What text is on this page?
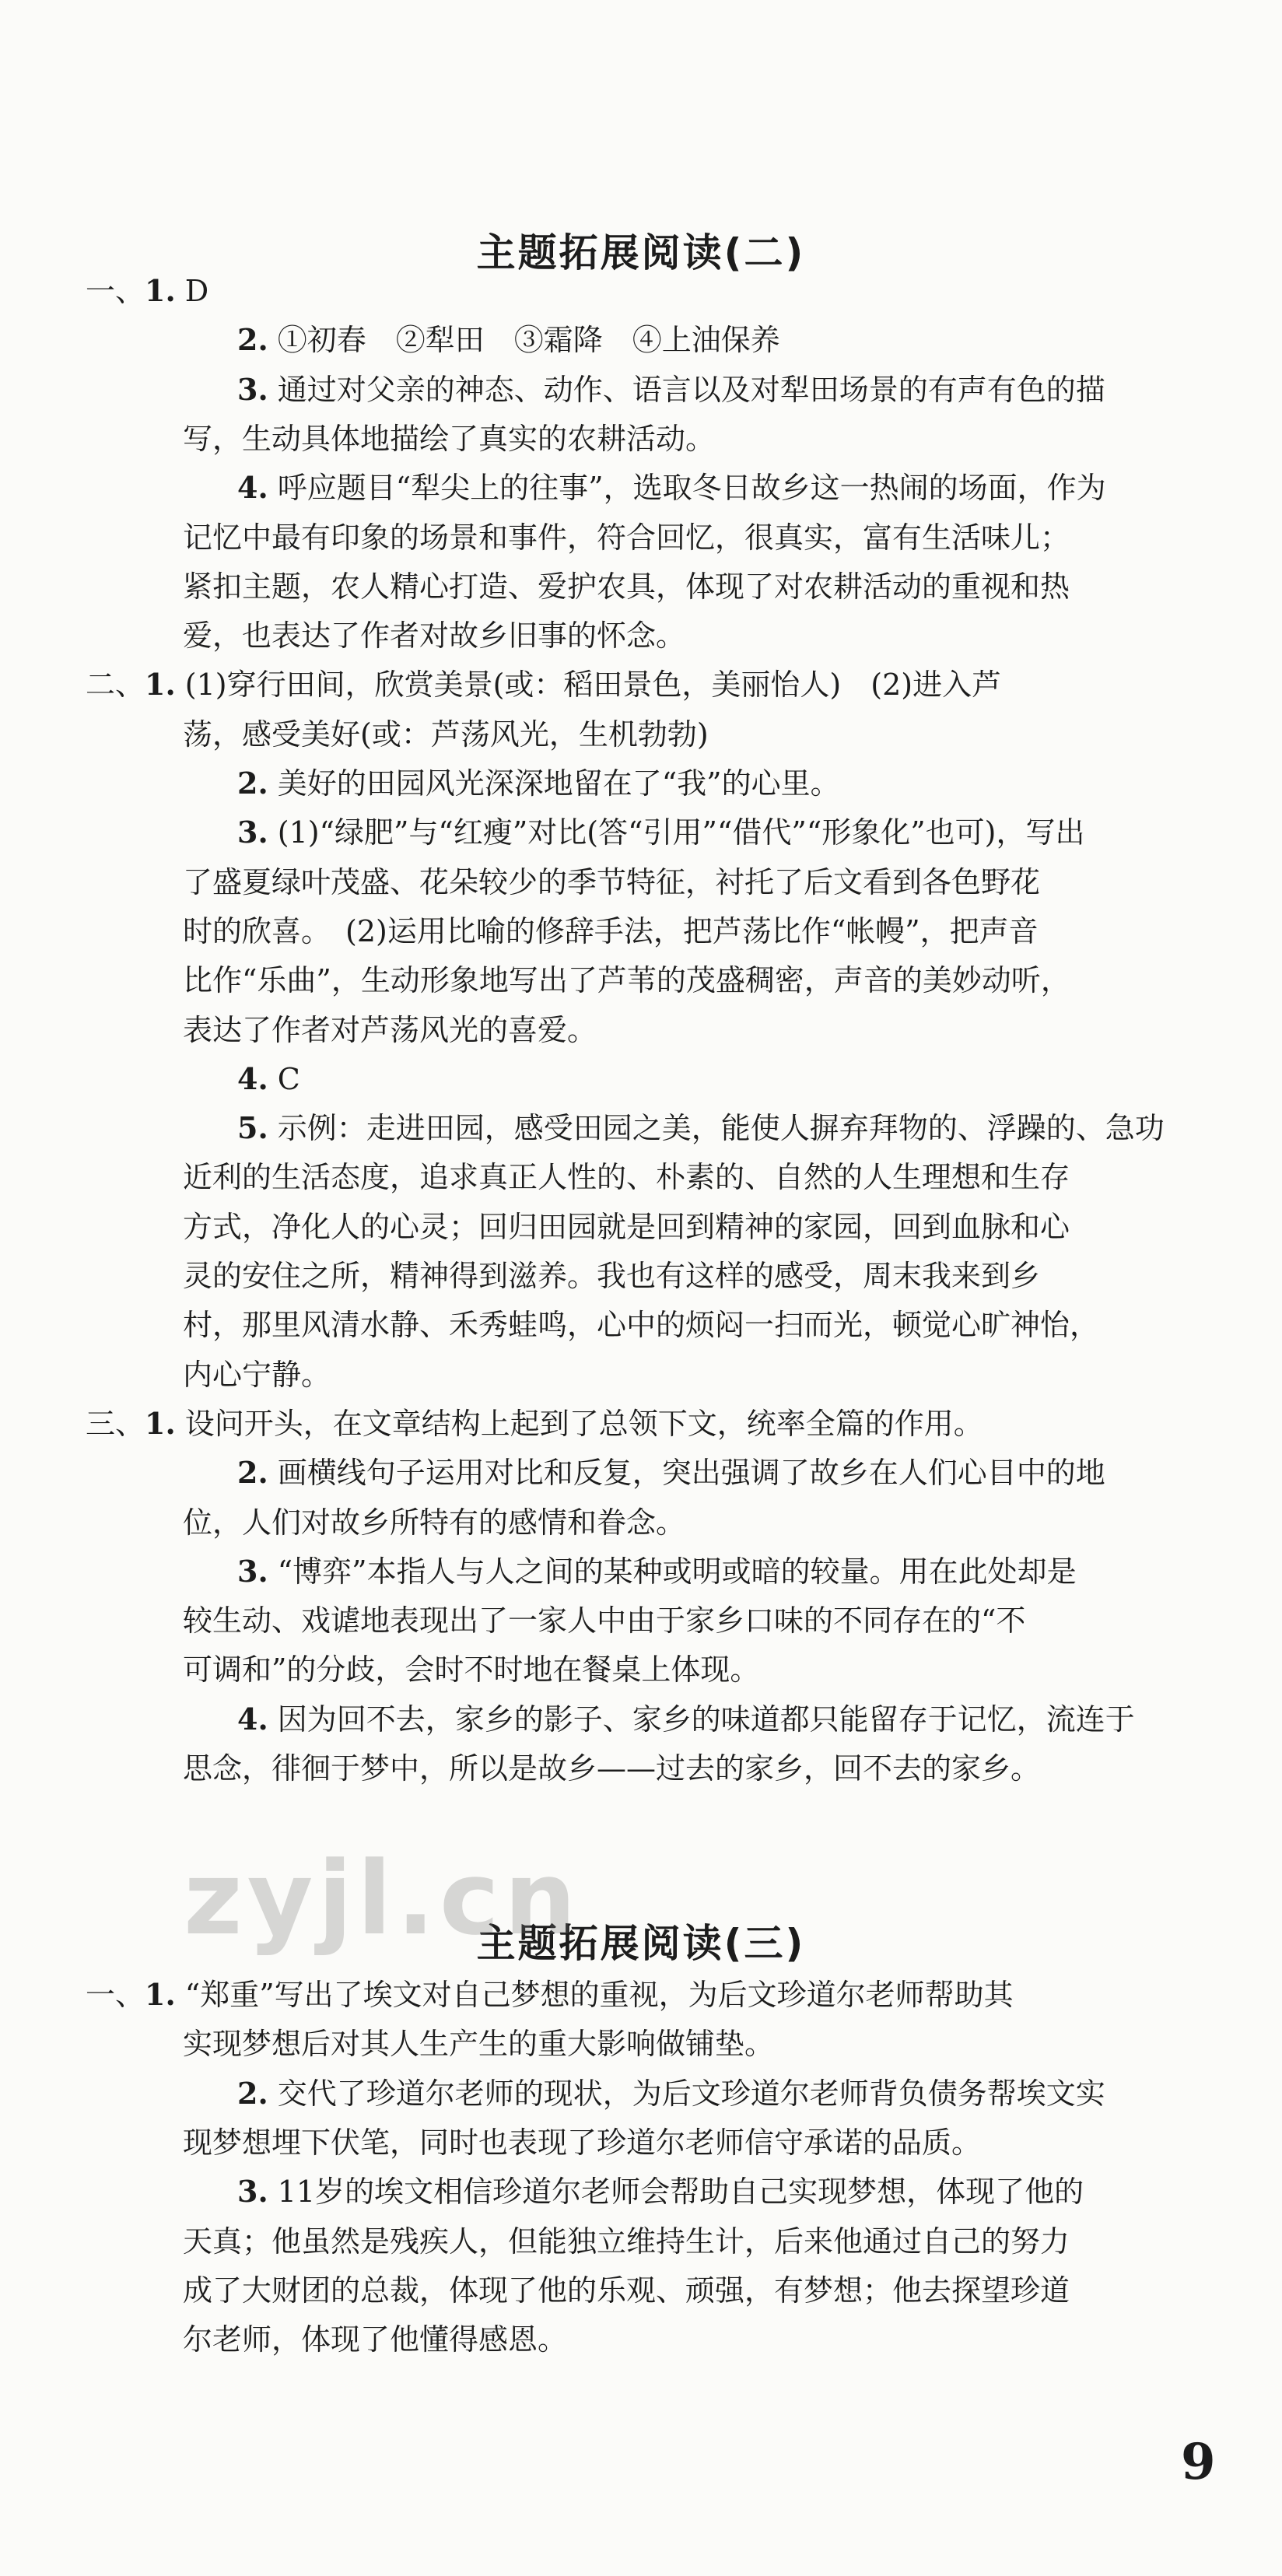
主题拓展阅读(二)
一、1. D
2. ①初春　②犁田　③霜降　④上油保养
3. 通过对父亲的神态、动作、语言以及对犁田场景的有声有色的描
写，生动具体地描绘了真实的农耕活动。
4. 呼应题目“犁尖上的往事”，选取冬日故乡这一热闹的场面，作为
记忆中最有印象的场景和事件，符合回忆，很真实，富有生活味儿；
紧扣主题，农人精心打造、爱护农具，体现了对农耕活动的重视和热
爱，也表达了作者对故乡旧事的怀念。
二、1. (1)穿行田间，欣赏美景(或：稻田景色，美丽怡人)　(2)进入芦
荡，感受美好(或：芦荡风光，生机勃勃)
2. 美好的田园风光深深地留在了“我”的心里。
3. (1)“绿肥”与“红瘦”对比(答“引用”“借代”“形象化”也可)，写出
了盛夏绿叶茂盛、花朵较少的季节特征，衬托了后文看到各色野花
时的欣喜。　(2)运用比喻的修辞手法，把芦荡比作“帐幔”，把声音
比作“乐曲”，生动形象地写出了芦苇的茂盛稠密，声音的美妙动听，
表达了作者对芦荡风光的喜爱。
4. C
5. 示例：走进田园，感受田园之美，能使人摒弃拜物的、浮躁的、急功
近利的生活态度，追求真正人性的、朴素的、自然的人生理想和生存
方式，净化人的心灵；回归田园就是回到精神的家园，回到血脉和心
灵的安住之所，精神得到滋养。我也有这样的感受，周末我来到乡
村，那里风清水静、禾秀蛙鸣，心中的烦闷一扫而光，顿觉心旷神怡，
内心宁静。
三、1. 设问开头，在文章结构上起到了总领下文，统率全篇的作用。
2. 画横线句子运用对比和反复，突出强调了故乡在人们心目中的地
位，人们对故乡所特有的感情和眷念。
3. “博弈”本指人与人之间的某种或明或暗的较量。用在此处却是
较生动、戏谑地表现出了一家人中由于家乡口味的不同存在的“不
可调和”的分歧，会时不时地在餐桌上体现。
4. 因为回不去，家乡的影子、家乡的味道都只能留存于记忆，流连于
思念，徘徊于梦中，所以是故乡——过去的家乡，回不去的家乡。
主题拓展阅读(三)
一、1. “郑重”写出了埃文对自己梦想的重视，为后文珍道尔老师帮助其
实现梦想后对其人生产生的重大影响做铺垫。
2. 交代了珍道尔老师的现状，为后文珍道尔老师背负债务帮埃文实
现梦想埋下伏笔，同时也表现了珍道尔老师信守承诺的品质。
3. 11岁的埃文相信珍道尔老师会帮助自己实现梦想，体现了他的
天真；他虽然是残疾人，但能独立维持生计，后来他通过自己的努力
成了大财团的总裁，体现了他的乐观、顽强，有梦想；他去探望珍道
尔老师，体现了他懂得感恩。
zyjl.cn
9
